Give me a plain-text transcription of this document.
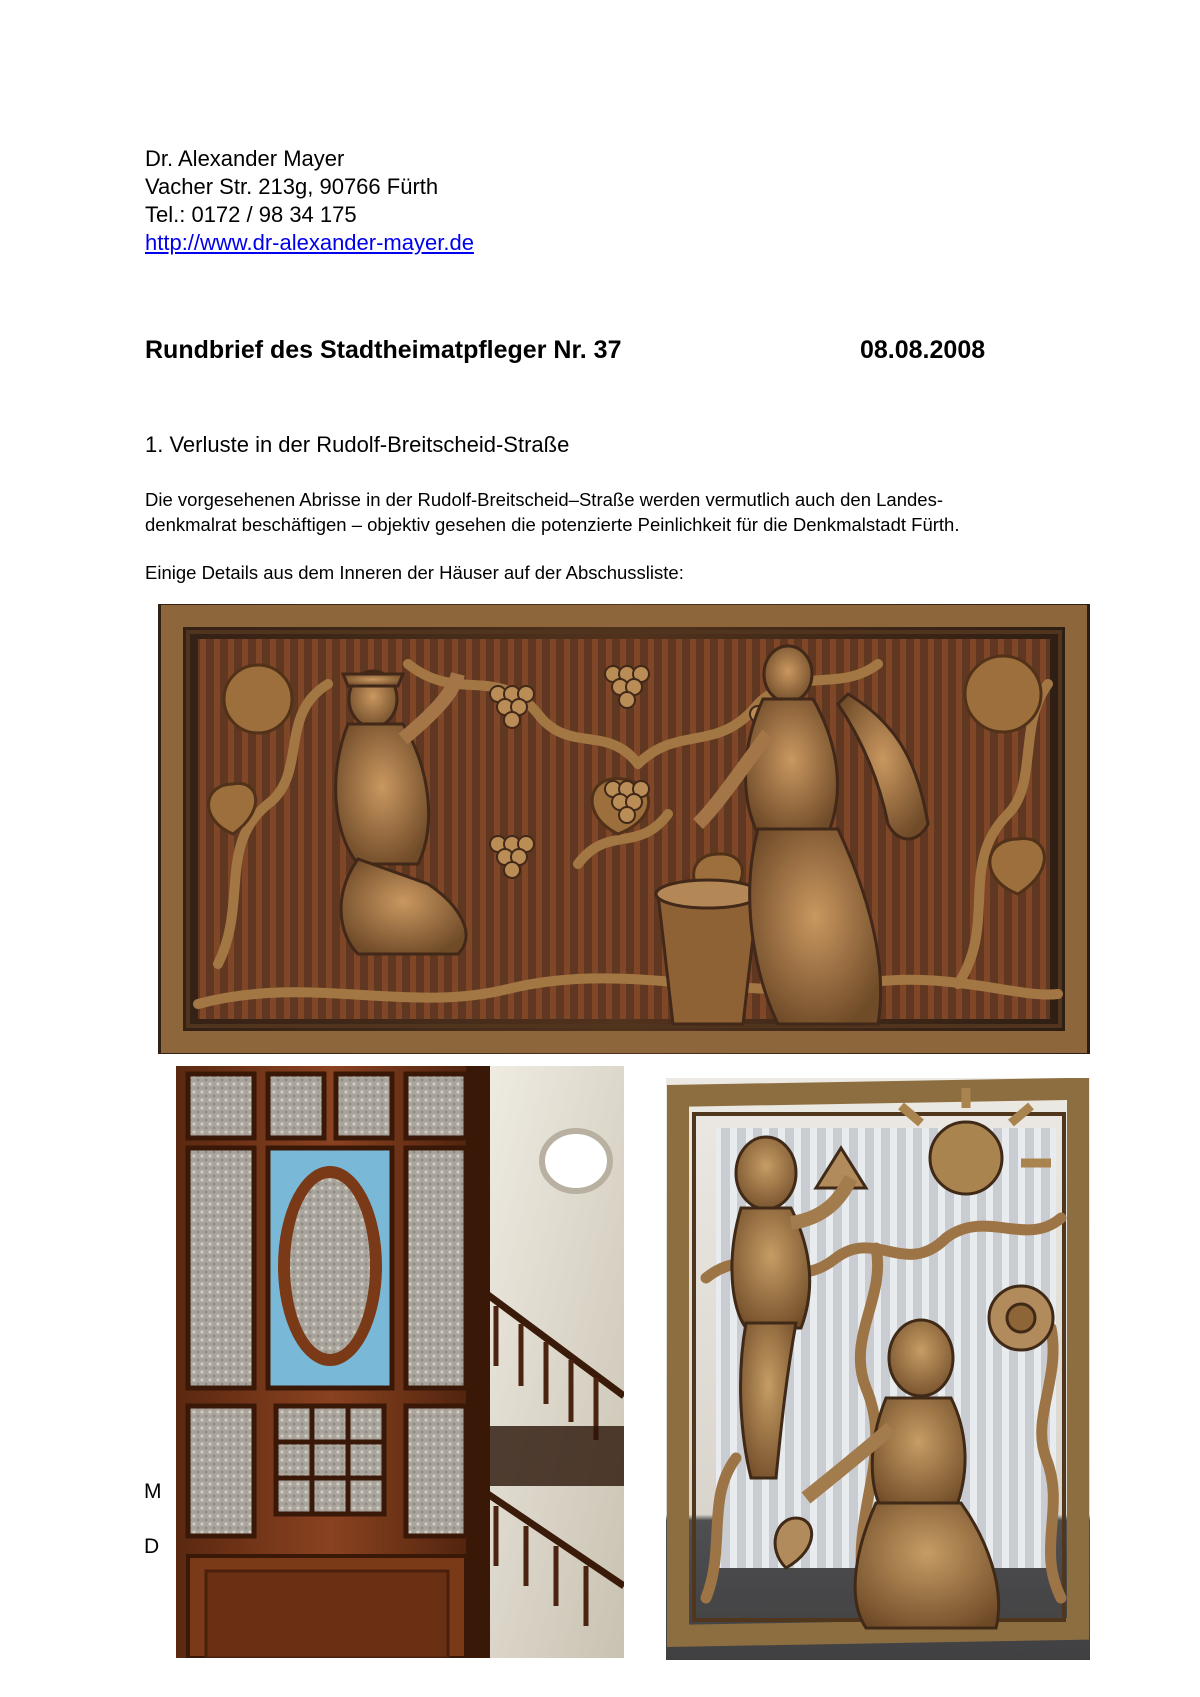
Dr. Alexander Mayer
Vacher Str. 213g, 90766 Fürth
Tel.: 0172 / 98 34 175
http://www.dr-alexander-mayer.de
Rundbrief des Stadtheimatpfleger Nr. 37	08.08.2008
1. Verluste in der Rudolf-Breitscheid-Straße
Die vorgesehenen Abrisse in der Rudolf-Breitscheid–Straße werden vermutlich auch den Landes-
denkmalrat beschäftigen – objektiv gesehen die potenzierte Peinlichkeit für die Denkmalstadt Fürth.
Einige Details aus dem Inneren der Häuser auf der Abschussliste:
M
D
